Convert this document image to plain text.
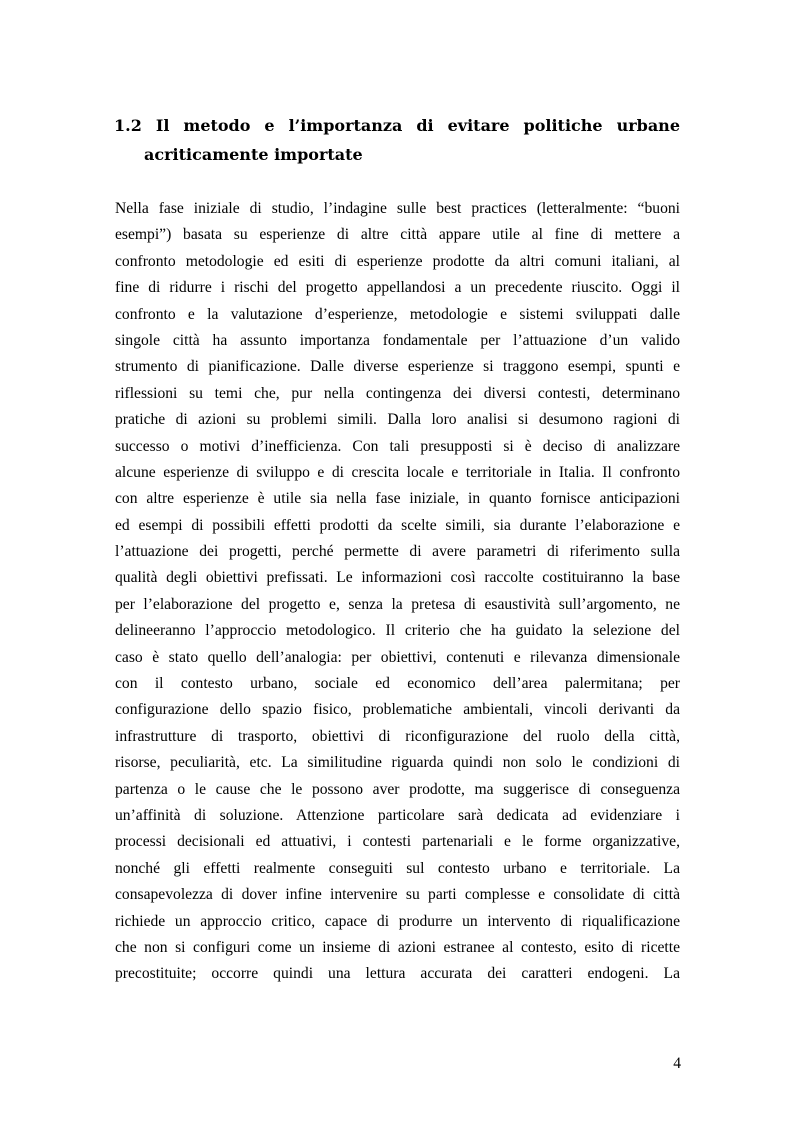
1.2 Il metodo e l’importanza di evitare politiche urbane
acriticamente importate
Nella fase iniziale di studio, l’indagine sulle best practices (letteralmente: “buoni
esempi”) basata su esperienze di altre città appare utile al fine di mettere a
confronto metodologie ed esiti di esperienze prodotte da altri comuni italiani, al
fine di ridurre i rischi del progetto appellandosi a un precedente riuscito. Oggi il
confronto e la valutazione d’esperienze, metodologie e sistemi sviluppati dalle
singole città ha assunto importanza fondamentale per l’attuazione d’un valido
strumento di pianificazione. Dalle diverse esperienze si traggono esempi, spunti e
riflessioni su temi che, pur nella contingenza dei diversi contesti, determinano
pratiche di azioni su problemi simili. Dalla loro analisi si desumono ragioni di
successo o motivi d’inefficienza. Con tali presupposti si è deciso di analizzare
alcune esperienze di sviluppo e di crescita locale e territoriale in Italia. Il confronto
con altre esperienze è utile sia nella fase iniziale, in quanto fornisce anticipazioni
ed esempi di possibili effetti prodotti da scelte simili, sia durante l’elaborazione e
l’attuazione dei progetti, perché permette di avere parametri di riferimento sulla
qualità degli obiettivi prefissati. Le informazioni così raccolte costituiranno la base
per l’elaborazione del progetto e, senza la pretesa di esaustività sull’argomento, ne
delineeranno l’approccio metodologico. Il criterio che ha guidato la selezione del
caso è stato quello dell’analogia: per obiettivi, contenuti e rilevanza dimensionale
con il contesto urbano, sociale ed economico dell’area palermitana; per
configurazione dello spazio fisico, problematiche ambientali, vincoli derivanti da
infrastrutture di trasporto, obiettivi di riconfigurazione del ruolo della città,
risorse, peculiarità, etc. La similitudine riguarda quindi non solo le condizioni di
partenza o le cause che le possono aver prodotte, ma suggerisce di conseguenza
un’affinità di soluzione. Attenzione particolare sarà dedicata ad evidenziare i
processi decisionali ed attuativi, i contesti partenariali e le forme organizzative,
nonché gli effetti realmente conseguiti sul contesto urbano e territoriale. La
consapevolezza di dover infine intervenire su parti complesse e consolidate di città
richiede un approccio critico, capace di produrre un intervento di riqualificazione
che non si configuri come un insieme di azioni estranee al contesto, esito di ricette
precostituite; occorre quindi una lettura accurata dei caratteri endogeni. La
4
